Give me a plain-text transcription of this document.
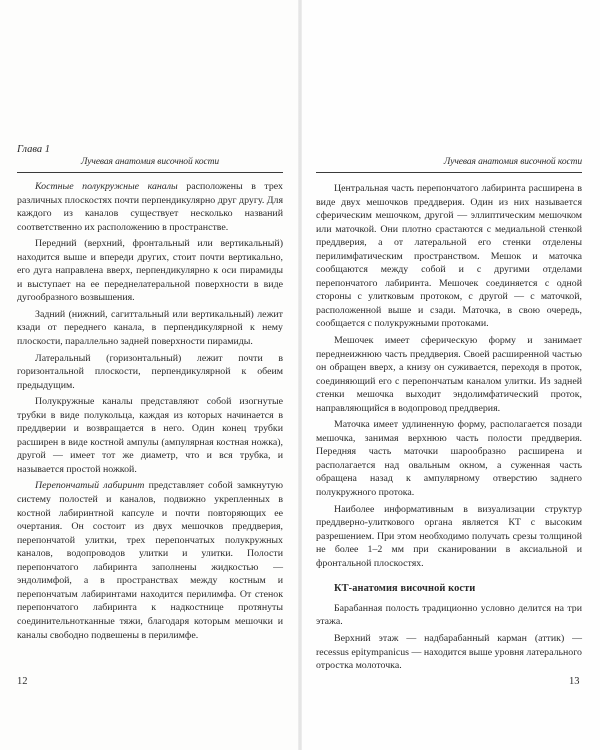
Глава 1
Лучевая анатомия височной кости

Костные полукружные каналы расположены в трех различных плоскостях почти перпендикулярно друг другу. Для каждого из каналов существует несколько названий соответственно их расположению в пространстве.

Передний (верхний, фронтальный или вертикальный) находится выше и впереди других, стоит почти вертикально, его дуга направлена вверх, перпендикулярно к оси пирамиды и выступает на ее переднелатеральной поверхности в виде дугообразного возвышения.

Задний (нижний, сагиттальный или вертикальный) лежит кзади от переднего канала, в перпендикулярной к нему плоскости, параллельно задней поверхности пирамиды.

Латеральный (горизонтальный) лежит почти в горизонтальной плоскости, перпендикулярной к обеим предыдущим.

Полукружные каналы представляют собой изогнутые трубки в виде полукольца, каждая из которых начинается в преддверии и возвращается в него. Один конец трубки расширен в виде костной ампулы (ампулярная костная ножка), другой — имеет тот же диаметр, что и вся трубка, и называется простой ножкой.

Перепончатый лабиринт представляет собой замкнутую систему полостей и каналов, подвижно укрепленных в костной лабиринтной капсуле и почти повторяющих ее очертания. Он состоит из двух мешочков преддверия, перепончатой улитки, трех перепончатых полукружных каналов, водопроводов улитки и улитки. Полости перепончатого лабиринта заполнены жидкостью — эндолимфой, а в пространствах между костным и перепончатым лабиринтами находится перилимфа. От стенок перепончатого лабиринта к надкостнице протянуты соединительнотканные тяжи, благодаря которым мешочки и каналы свободно подвешены в перилимфе.

12
Лучевая анатомия височной кости

Центральная часть перепончатого лабиринта расширена в виде двух мешочков преддверия. Один из них называется сферическим мешочком, другой — эллиптическим мешочком или маточкой. Они плотно срастаются с медиальной стенкой преддверия, а от латеральной его стенки отделены перилимфатическим пространством. Мешок и маточка сообщаются между собой и с другими отделами перепончатого лабиринта. Мешочек соединяется с одной стороны с улитковым протоком, с другой — с маточкой, расположенной выше и сзади. Маточка, в свою очередь, сообщается с полукружными протоками.

Мешочек имеет сферическую форму и занимает переднеижнюю часть преддверия. Своей расширенной частью он обращен вверх, а книзу он суживается, переходя в проток, соединяющий его с перепончатым каналом улитки. Из задней стенки мешочка выходит эндолимфатический проток, направляющийся в водопровод преддверия.

Маточка имеет удлиненную форму, располагается позади мешочка, занимая верхнюю часть полости преддверия. Передняя часть маточки шарообразно расширена и располагается над овальным окном, а суженная часть обращена назад к ампулярному отверстию заднего полукружного протока.

Наиболее информативным в визуализации структур преддверно-улиткового органа является КТ с высоким разрешением. При этом необходимо получать срезы толщиной не более 1–2 мм при сканировании в аксиальной и фронтальной плоскостях.

КТ-анатомия височной кости

Барабанная полость традиционно условно делится на три этажа.

Верхний этаж — надбарабанный карман (аттик) — recessus epitympanicus — находится выше уровня латерального отростка молоточка.

13
